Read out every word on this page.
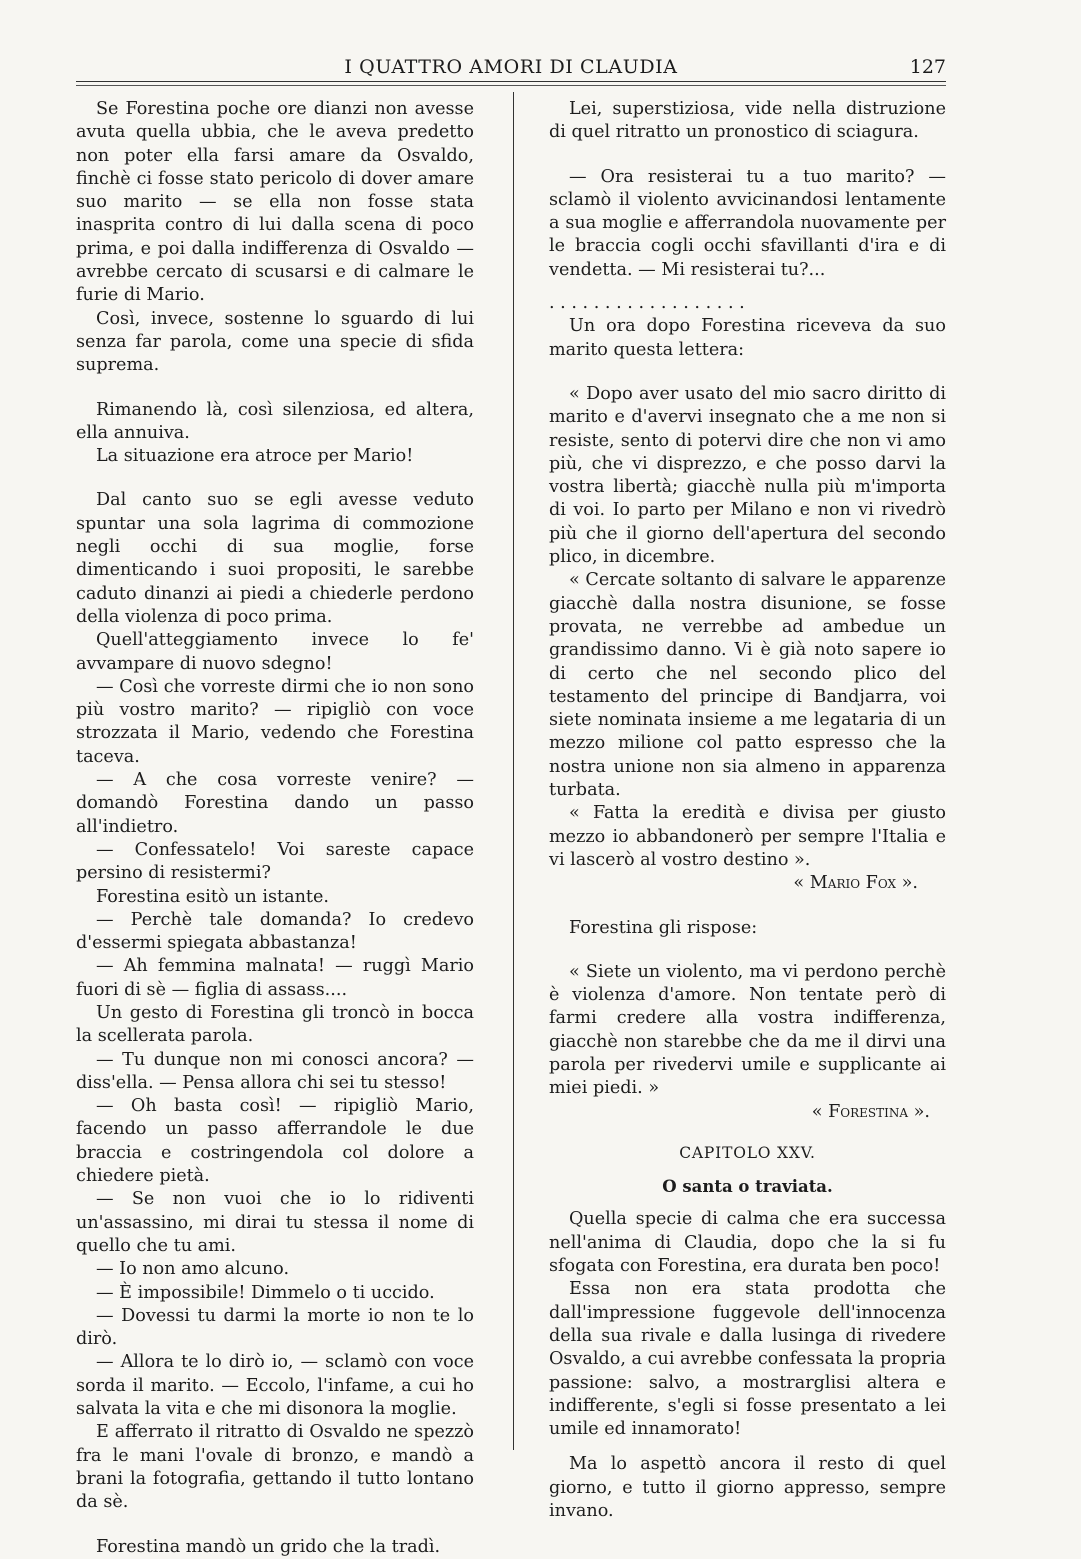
I QUATTRO AMORI DI CLAUDIA	127

Se Forestina poche ore dianzi non avesse avuta quella ubbia, che le aveva predetto non poter ella farsi amare da Osvaldo, finchè ci fosse stato pericolo di dover amare suo marito — se ella non fosse stata inasprita contro di lui dalla scena di poco prima, e poi dalla indifferenza di Osvaldo — avrebbe cercato di scusarsi e di calmare le furie di Mario.

Così, invece, sostenne lo sguardo di lui senza far parola, come una specie di sfida suprema.

Rimanendo là, così silenziosa, ed altera, ella annuiva.

La situazione era atroce per Mario!

Dal canto suo se egli avesse veduto spuntar una sola lagrima di commozione negli occhi di sua moglie, forse dimenticando i suoi propositi, le sarebbe caduto dinanzi ai piedi a chiederle perdono della violenza di poco prima.

Quell'atteggiamento invece lo fe' avvampare di nuovo sdegno!

— Così che vorreste dirmi che io non sono più vostro marito? — ripigliò con voce strozzata il Mario, vedendo che Forestina taceva.

— A che cosa vorreste venire? — domandò Forestina dando un passo all'indietro.

— Confessatelo! Voi sareste capace persino di resistermi?

Forestina esitò un istante.

— Perchè tale domanda? Io credevo d'essermi spiegata abbastanza!

— Ah femmina malnata! — ruggì Mario fuori di sè — figlia di assass....

Un gesto di Forestina gli troncò in bocca la scellerata parola.

— Tu dunque non mi conosci ancora? — diss'ella. — Pensa allora chi sei tu stesso!

— Oh basta così! — ripigliò Mario, facendo un passo afferrandole le due braccia e costringendola col dolore a chiedere pietà.

— Se non vuoi che io lo ridiventi un'assassino, mi dirai tu stessa il nome di quello che tu ami.

— Io non amo alcuno.

— È impossibile! Dimmelo o ti uccido.

— Dovessi tu darmi la morte io non te lo dirò.

— Allora te lo dirò io, — sclamò con voce sorda il marito. — Eccolo, l'infame, a cui ho salvata la vita e che mi disonora la moglie.

E afferrato il ritratto di Osvaldo ne spezzò fra le mani l'ovale di bronzo, e mandò a brani la fotografia, gettando il tutto lontano da sè.

Forestina mandò un grido che la tradì.

Lei, superstiziosa, vide nella distruzione di quel ritratto un pronostico di sciagura.

— Ora resisterai tu a tuo marito? — sclamò il violento avvicinandosi lentamente a sua moglie e afferrandola nuovamente per le braccia cogli occhi sfavillanti d'ira e di vendetta. — Mi resisterai tu?...

. . . . . . . . . . . . . . . . . .

Un ora dopo Forestina riceveva da suo marito questa lettera:

« Dopo aver usato del mio sacro diritto di marito e d'avervi insegnato che a me non si resiste, sento di potervi dire che non vi amo più, che vi disprezzo, e che posso darvi la vostra libertà; giacchè nulla più m'importa di voi. Io parto per Milano e non vi rivedrò più che il giorno dell'apertura del secondo plico, in dicembre.

« Cercate soltanto di salvare le apparenze giacchè dalla nostra disunione, se fosse provata, ne verrebbe ad ambedue un grandissimo danno. Vi è già noto sapere io di certo che nel secondo plico del testamento del principe di Bandjarra, voi siete nominata insieme a me legataria di un mezzo milione col patto espresso che la nostra unione non sia almeno in apparenza turbata.

« Fatta la eredità e divisa per giusto mezzo io abbandonerò per sempre l'Italia e vi lascerò al vostro destino ».

« Mario Fox ».

Forestina gli rispose:

« Siete un violento, ma vi perdono perchè è violenza d'amore. Non tentate però di farmi credere alla vostra indifferenza, giacchè non starebbe che da me il dirvi una parola per rivedervi umile e supplicante ai miei piedi. »

« Forestina ».

CAPITOLO XXV.

O santa o traviata.

Quella specie di calma che era successa nell'anima di Claudia, dopo che la si fu sfogata con Forestina, era durata ben poco!

Essa non era stata prodotta che dall'impressione fuggevole dell'innocenza della sua rivale e dalla lusinga di rivedere Osvaldo, a cui avrebbe confessata la propria passione: salvo, a mostrarglisi altera e indifferente, s'egli si fosse presentato a lei umile ed innamorato!

Ma lo aspettò ancora il resto di quel giorno, e tutto il giorno appresso, sempre invano.
